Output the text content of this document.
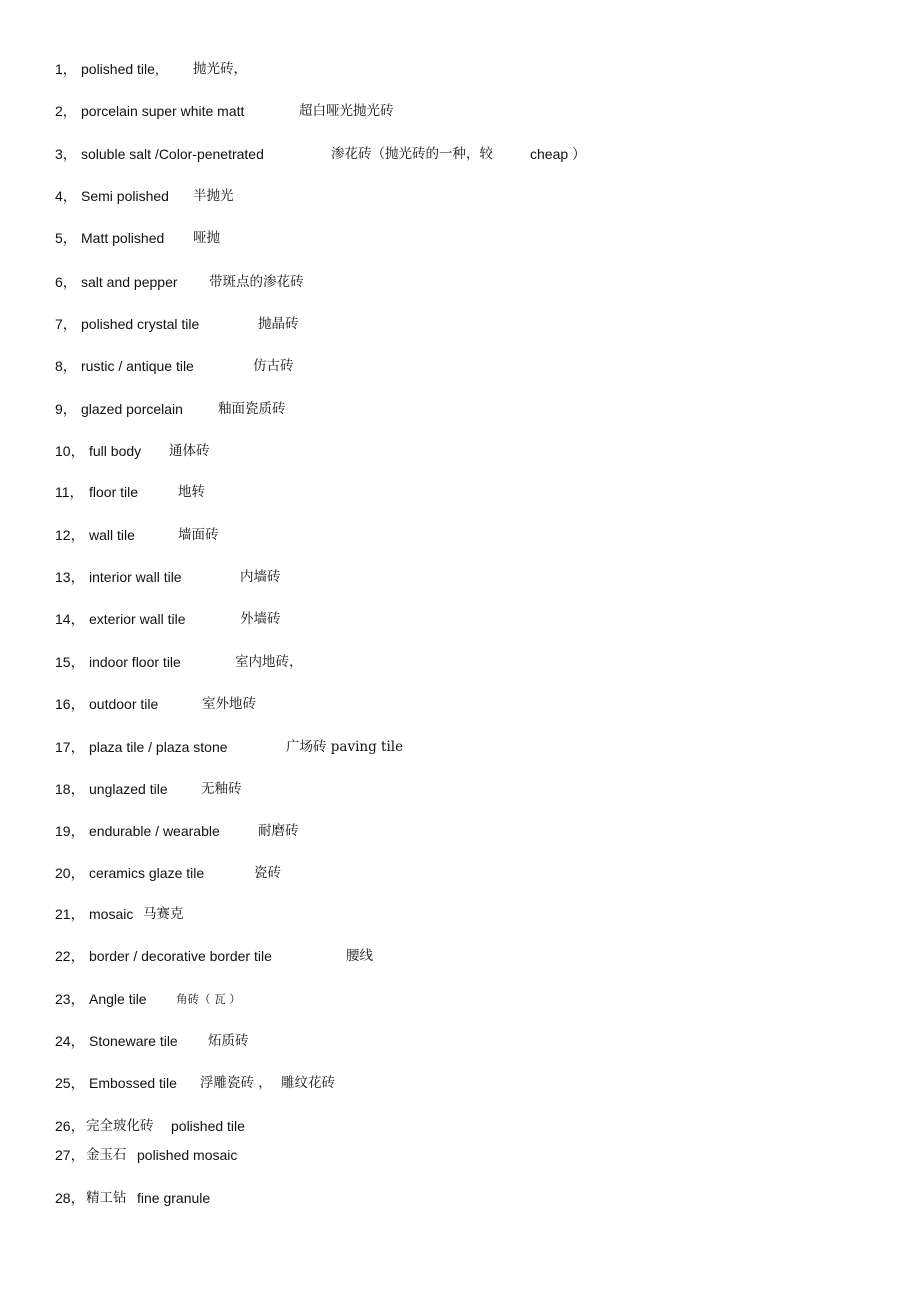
1， polished tile,	抛光砖，
2， porcelain super white matt	超白哑光抛光砖
3， soluble salt /Color-penetrated	渗花砖（抛光砖的一种，较	cheap ）
4， Semi polished 半抛光
5， Matt polished 哑抛
6， salt and pepper 带斑点的渗花砖
7， polished crystal tile	抛晶砖
8， rustic / antique tile	仿古砖
9， glazed porcelain	釉面瓷质砖
10， full body 通体砖
11， floor tile	地转
12， wall tile	墙面砖
13， interior wall tile	内墙砖
14， exterior wall tile	外墙砖
15， indoor floor tile	室内地砖，
16， outdoor tile	室外地砖
17， plaza tile / plaza stone	广场砖 paving tile
18， unglazed tile 无釉砖
19， endurable / wearable	耐磨砖
20， ceramics glaze tile	瓷砖
21， mosaic 马赛克
22， border / decorative border tile	腰线
23， Angle tile	角砖（ 瓦 ）
24， Stoneware tile 炻质砖
25， Embossed tile 浮雕瓷砖 ， 雕纹花砖
26， 完全玻化砖 polished tile
27， 金玉石 polished mosaic
28， 精工钻 fine granule
